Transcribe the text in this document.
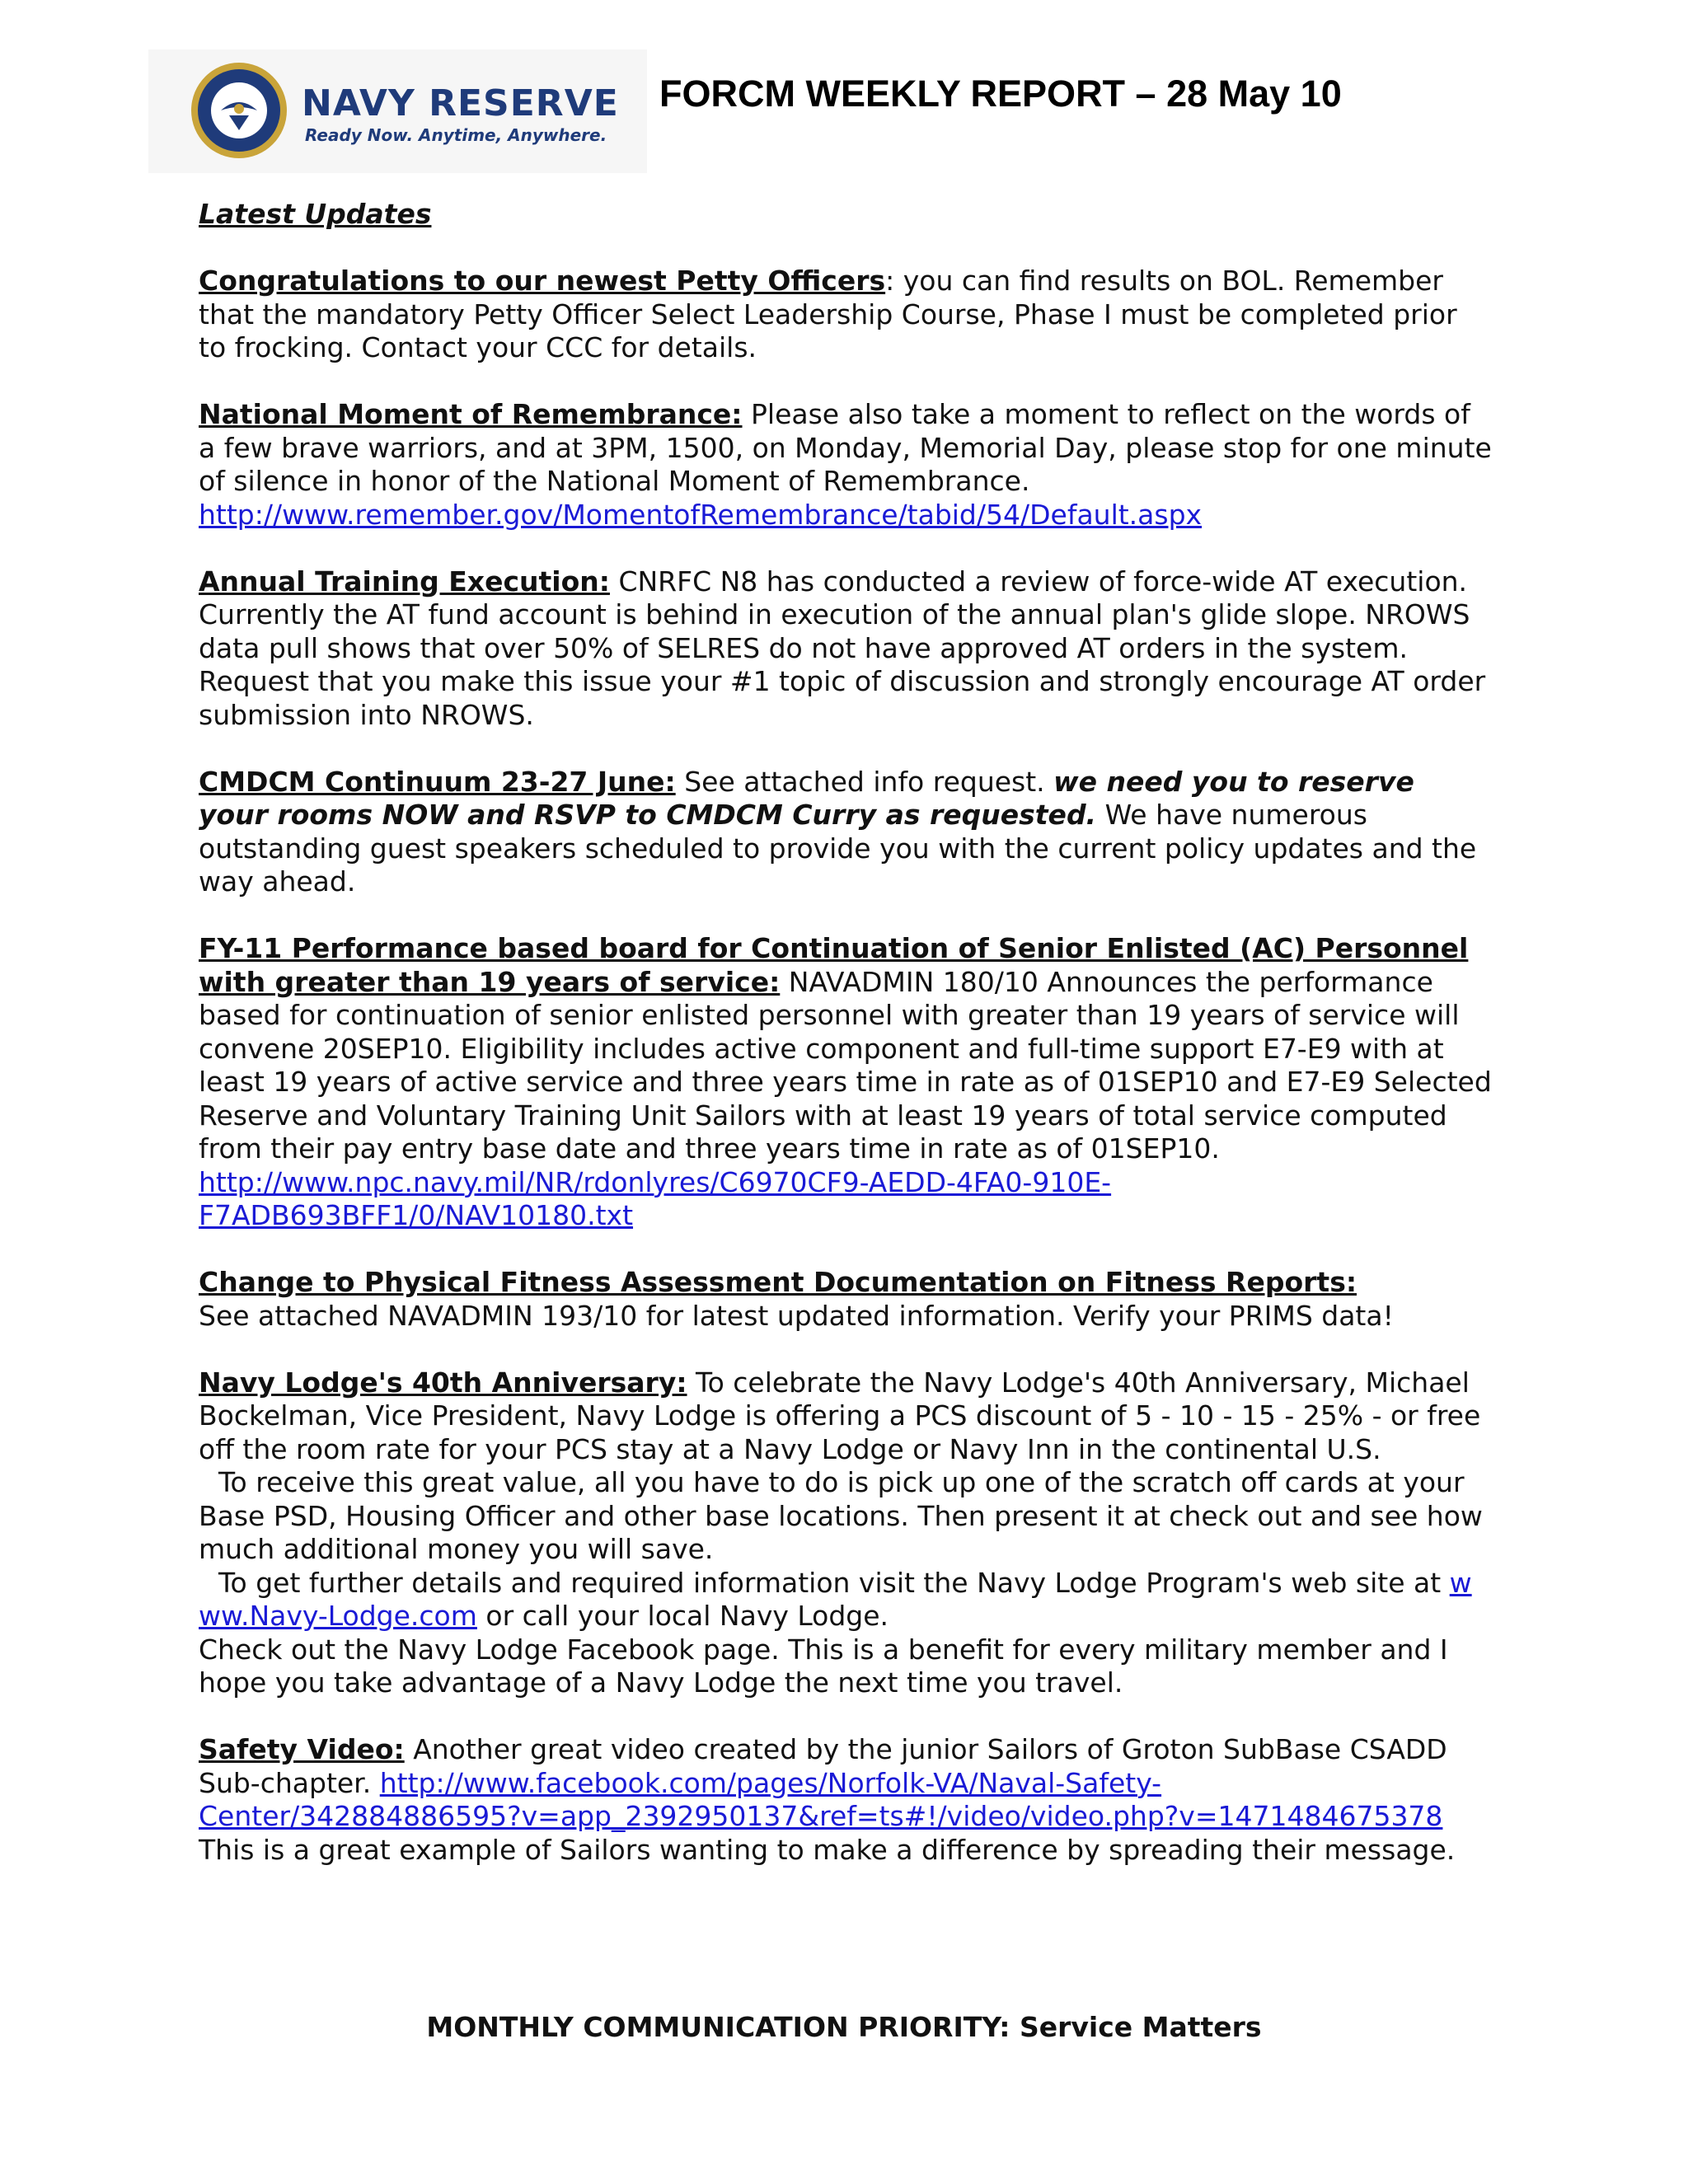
NAVY RESERVE
Ready Now. Anytime, Anywhere.
FORCM WEEKLY REPORT – 28 May 10
Latest Updates

Congratulations to our newest Petty Officers: you can find results on BOL. Remember that the mandatory Petty Officer Select Leadership Course, Phase I must be completed prior to frocking. Contact your CCC for details.

National Moment of Remembrance: Please also take a moment to reflect on the words of a few brave warriors, and at 3PM, 1500, on Monday, Memorial Day, please stop for one minute of silence in honor of the National Moment of Remembrance.
http://www.remember.gov/MomentofRemembrance/tabid/54/Default.aspx

Annual Training Execution: CNRFC N8 has conducted a review of force-wide AT execution. Currently the AT fund account is behind in execution of the annual plan's glide slope. NROWS data pull shows that over 50% of SELRES do not have approved AT orders in the system. Request that you make this issue your #1 topic of discussion and strongly encourage AT order submission into NROWS.

CMDCM Continuum 23-27 June: See attached info request. we need you to reserve your rooms NOW and RSVP to CMDCM Curry as requested. We have numerous outstanding guest speakers scheduled to provide you with the current policy updates and the way ahead.

FY-11 Performance based board for Continuation of Senior Enlisted (AC) Personnel with greater than 19 years of service: NAVADMIN 180/10 Announces the performance based for continuation of senior enlisted personnel with greater than 19 years of service will convene 20SEP10. Eligibility includes active component and full-time support E7-E9 with at least 19 years of active service and three years time in rate as of 01SEP10 and E7-E9 Selected Reserve and Voluntary Training Unit Sailors with at least 19 years of total service computed from their pay entry base date and three years time in rate as of 01SEP10.
http://www.npc.navy.mil/NR/rdonlyres/C6970CF9-AEDD-4FA0-910E-
F7ADB693BFF1/0/NAV10180.txt

Change to Physical Fitness Assessment Documentation on Fitness Reports:
See attached NAVADMIN 193/10 for latest updated information. Verify your PRIMS data!

Navy Lodge's 40th Anniversary: To celebrate the Navy Lodge's 40th Anniversary, Michael Bockelman, Vice President, Navy Lodge is offering a PCS discount of 5 - 10 - 15 - 25% - or free off the room rate for your PCS stay at a Navy Lodge or Navy Inn in the continental U.S.
To receive this great value, all you have to do is pick up one of the scratch off cards at your Base PSD, Housing Officer and other base locations. Then present it at check out and see how much additional money you will save.
To get further details and required information visit the Navy Lodge Program's web site at www.Navy-Lodge.com or call your local Navy Lodge.
Check out the Navy Lodge Facebook page. This is a benefit for every military member and I hope you take advantage of a Navy Lodge the next time you travel.

Safety Video: Another great video created by the junior Sailors of Groton SubBase CSADD Sub-chapter. http://www.facebook.com/pages/Norfolk-VA/Naval-Safety-
Center/342884886595?v=app_2392950137&ref=ts#!/video/video.php?v=1471484675378
This is a great example of Sailors wanting to make a difference by spreading their message.

MONTHLY COMMUNICATION PRIORITY: Service Matters
